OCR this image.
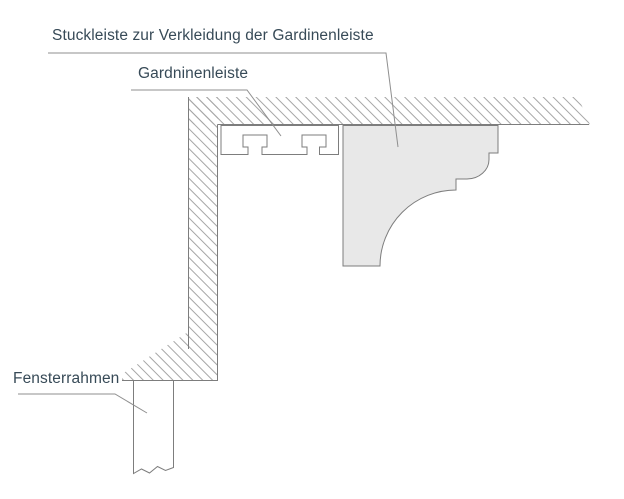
Stuckleiste zur Verkleidung der Gardinenleiste
Gardninenleiste
Fensterrahmen
